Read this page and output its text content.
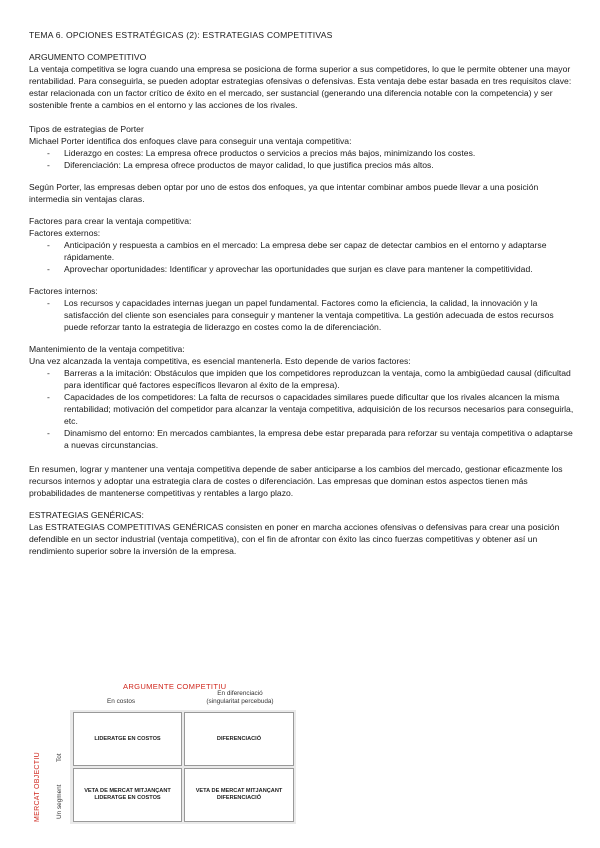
TEMA 6. OPCIONES ESTRATÉGICAS (2): ESTRATEGIAS COMPETITIVAS

ARGUMENTO COMPETITIVO

La ventaja competitiva se logra cuando una empresa se posiciona de forma superior a sus competidores, lo que le permite obtener una mayor rentabilidad. Para conseguirla, se pueden adoptar estrategias ofensivas o defensivas. Esta ventaja debe estar basada en tres requisitos clave: estar relacionada con un factor crítico de éxito en el mercado, ser sustancial (generando una diferencia notable con la competencia) y ser sostenible frente a cambios en el entorno y las acciones de los rivales.

Tipos de estrategias de Porter

Michael Porter identifica dos enfoques clave para conseguir una ventaja competitiva:

- Liderazgo en costes: La empresa ofrece productos o servicios a precios más bajos, minimizando los costes.
- Diferenciación: La empresa ofrece productos de mayor calidad, lo que justifica precios más altos.

Según Porter, las empresas deben optar por uno de estos dos enfoques, ya que intentar combinar ambos puede llevar a una posición intermedia sin ventajas claras.

Factores para crear la ventaja competitiva:

Factores externos:

- Anticipación y respuesta a cambios en el mercado: La empresa debe ser capaz de detectar cambios en el entorno y adaptarse rápidamente.
- Aprovechar oportunidades: Identificar y aprovechar las oportunidades que surjan es clave para mantener la competitividad.

Factores internos:

- Los recursos y capacidades internas juegan un papel fundamental. Factores como la eficiencia, la calidad, la innovación y la satisfacción del cliente son esenciales para conseguir y mantener la ventaja competitiva. La gestión adecuada de estos recursos puede reforzar tanto la estrategia de liderazgo en costes como la de diferenciación.

Mantenimiento de la ventaja competitiva:

Una vez alcanzada la ventaja competitiva, es esencial mantenerla. Esto depende de varios factores:

- Barreras a la imitación: Obstáculos que impiden que los competidores reproduzcan la ventaja, como la ambigüedad causal (dificultad para identificar qué factores específicos llevaron al éxito de la empresa).
- Capacidades de los competidores: La falta de recursos o capacidades similares puede dificultar que los rivales alcancen la misma rentabilidad; motivación del competidor para alcanzar la ventaja competitiva, adquisición de los recursos necesarios para conseguirla, etc.
- Dinamismo del entorno: En mercados cambiantes, la empresa debe estar preparada para reforzar su ventaja competitiva o adaptarse a nuevas circunstancias.

En resumen, lograr y mantener una ventaja competitiva depende de saber anticiparse a los cambios del mercado, gestionar eficazmente los recursos internos y adoptar una estrategia clara de costes o diferenciación. Las empresas que dominan estos aspectos tienen más probabilidades de mantenerse competitivas y rentables a largo plazo.

ESTRATEGIAS GENÉRICAS:

Las ESTRATEGIAS COMPETITIVAS GENÉRICAS consisten en poner en marcha acciones ofensivas o defensivas para crear una posición defendible en un sector industrial (ventaja competitiva), con el fin de afrontar con éxito las cinco fuerzas competitivas y obtener así un rendimiento superior sobre la inversión de la empresa.

ARGUMENTE COMPETITIU
En costos
En diferenciació (singularitat percebuda)
MERCAT OBJECTIU Tot
Un segment
LIDERATGE EN COSTOS	DIFERENCIACIÓ
VETA DE MERCAT MITJANÇANT LIDERATGE EN COSTOS
VETA DE MERCAT MITJANÇANT DIFERENCIACIÓ
